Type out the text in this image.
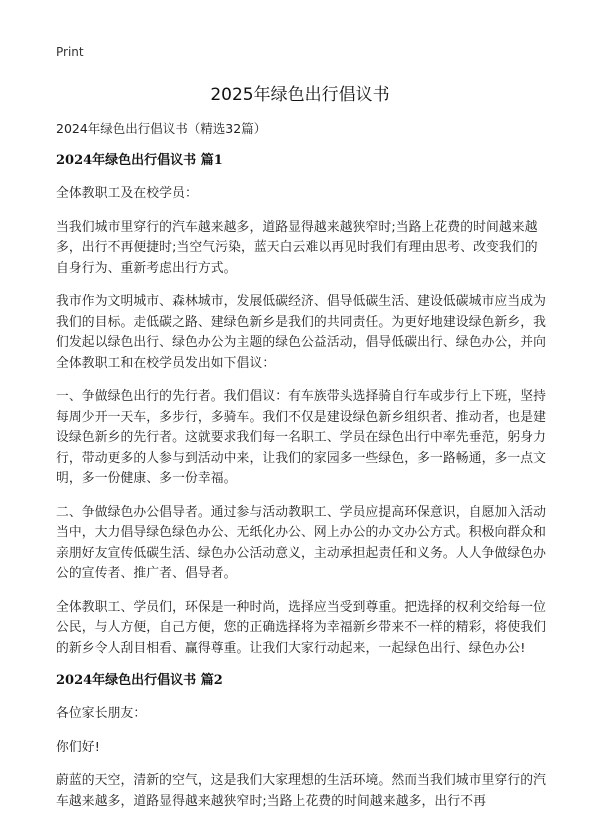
Print
2025年绿色出行倡议书

2024年绿色出行倡议书（精选32篇）

2024年绿色出行倡议书 篇1

全体教职工及在校学员：

当我们城市里穿行的汽车越来越多，道路显得越来越狭窄时;当路上花费的时间越来越多，出行不再便捷时;当空气污染，蓝天白云难以再见时我们有理由思考、改变我们的自身行为、重新考虑出行方式。

我市作为文明城市、森林城市，发展低碳经济、倡导低碳生活、建设低碳城市应当成为我们的目标。走低碳之路、建绿色新乡是我们的共同责任。为更好地建设绿色新乡，我们发起以绿色出行、绿色办公为主题的绿色公益活动，倡导低碳出行、绿色办公，并向全体教职工和在校学员发出如下倡议：

一、争做绿色出行的先行者。我们倡议：有车族带头选择骑自行车或步行上下班，坚持每周少开一天车，多步行，多骑车。我们不仅是建设绿色新乡组织者、推动者，也是建设绿色新乡的先行者。这就要求我们每一名职工、学员在绿色出行中率先垂范，躬身力行，带动更多的人参与到活动中来，让我们的家园多一些绿色，多一路畅通，多一点文明，多一份健康、多一份幸福。

二、争做绿色办公倡导者。通过参与活动教职工、学员应提高环保意识，自愿加入活动当中，大力倡导绿色绿色办公、无纸化办公、网上办公的办文办公方式。积极向群众和亲朋好友宣传低碳生活、绿色办公活动意义，主动承担起责任和义务。人人争做绿色办公的宣传者、推广者、倡导者。

全体教职工、学员们，环保是一种时尚，选择应当受到尊重。把选择的权利交给每一位公民，与人方便，自己方便，您的正确选择将为幸福新乡带来不一样的精彩，将使我们的新乡令人刮目相看、赢得尊重。让我们大家行动起来，一起绿色出行、绿色办公!

2024年绿色出行倡议书 篇2

各位家长朋友：

你们好!

蔚蓝的天空，清新的空气，这是我们大家理想的生活环境。然而当我们城市里穿行的汽车越来越多，道路显得越来越狭窄时;当路上花费的时间越来越多，出行不再
